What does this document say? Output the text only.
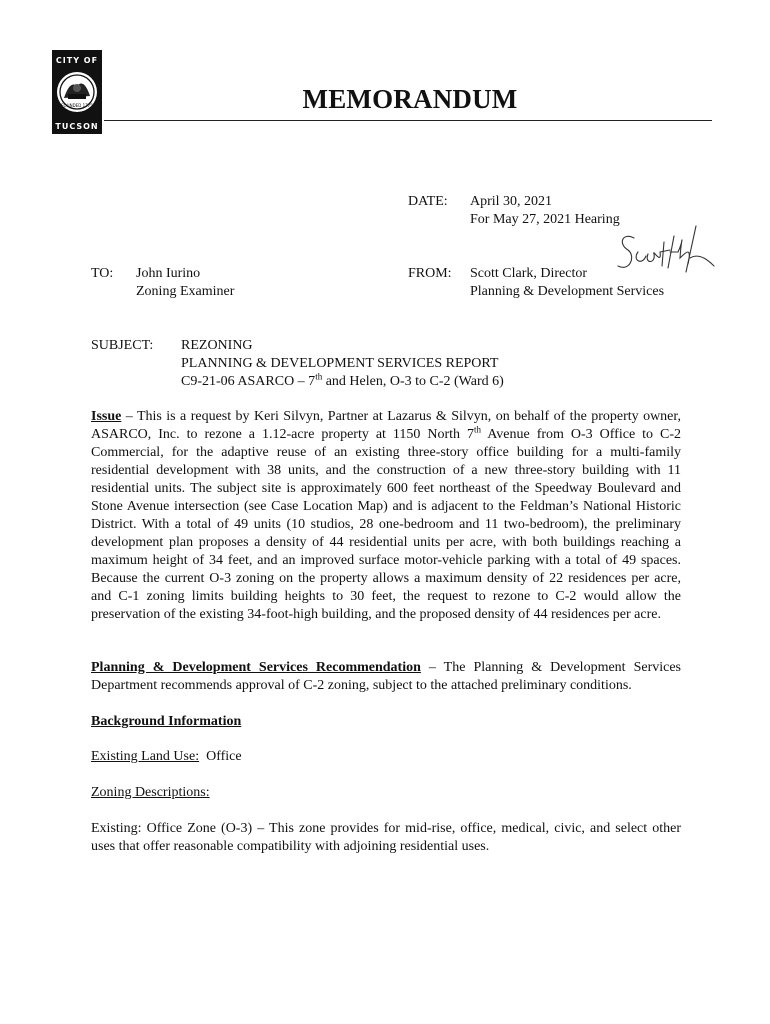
CITY OF
FOUNDED 1775
TUCSON
MEMORANDUM
DATE: April 30, 2021
For May 27, 2021 Hearing
TO: John Iurino
Zoning Examiner
FROM: Scott Clark, Director
Planning & Development Services
SUBJECT: REZONING
PLANNING & DEVELOPMENT SERVICES REPORT
C9-21-06 ASARCO – 7th and Helen, O-3 to C-2 (Ward 6)
Issue – This is a request by Keri Silvyn, Partner at Lazarus & Silvyn, on behalf of the property owner, ASARCO, Inc. to rezone a 1.12-acre property at 1150 North 7th Avenue from O-3 Office to C-2 Commercial, for the adaptive reuse of an existing three-story office building for a multi-family residential development with 38 units, and the construction of a new three-story building with 11 residential units. The subject site is approximately 600 feet northeast of the Speedway Boulevard and Stone Avenue intersection (see Case Location Map) and is adjacent to the Feldman’s National Historic District. With a total of 49 units (10 studios, 28 one-bedroom and 11 two-bedroom), the preliminary development plan proposes a density of 44 residential units per acre, with both buildings reaching a maximum height of 34 feet, and an improved surface motor-vehicle parking with a total of 49 spaces. Because the current O-3 zoning on the property allows a maximum density of 22 residences per acre, and C-1 zoning limits building heights to 30 feet, the request to rezone to C-2 would allow the preservation of the existing 34-foot-high building, and the proposed density of 44 residences per acre.
Planning & Development Services Recommendation – The Planning & Development Services Department recommends approval of C-2 zoning, subject to the attached preliminary conditions.
Background Information
Existing Land Use:  Office
Zoning Descriptions:
Existing: Office Zone (O-3) – This zone provides for mid-rise, office, medical, civic, and select other uses that offer reasonable compatibility with adjoining residential uses.
